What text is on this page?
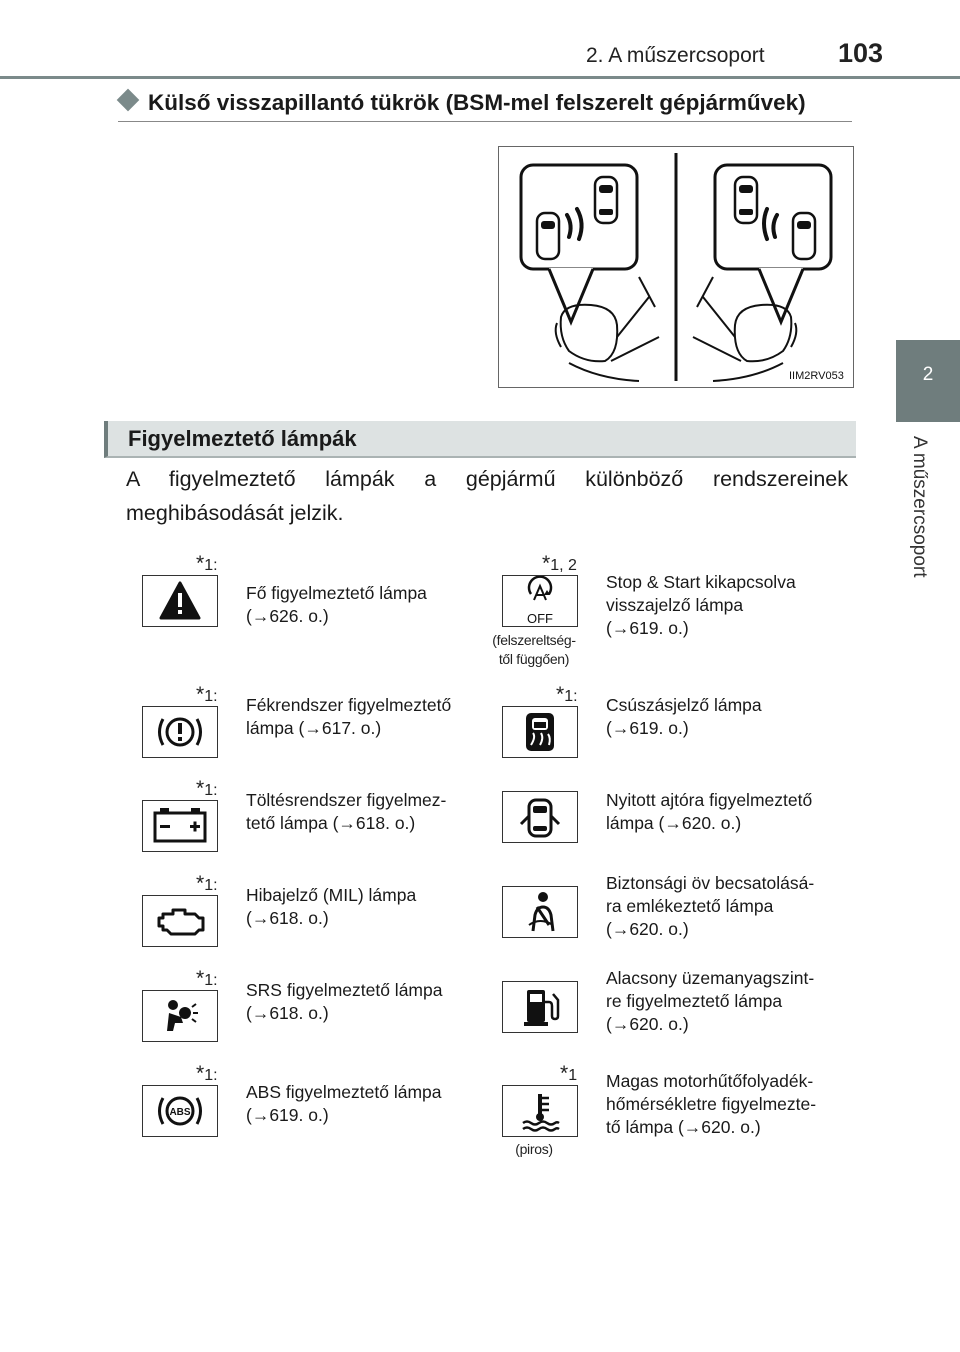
2. A műszercsoport	103
2
A műszercsoport
Külső visszapillantó tükrök (BSM-mel felszerelt gépjárművek)
IIM2RV053
Figyelmeztető lámpák
A figyelmeztető lámpák a gépjármű különböző rendszereinek meghibásodását jelzik.
*1:
Fő figyelmeztető lámpa
(→626. o.)
*1, 2
OFF
(felszereltség-
től függően)
Stop & Start kikapcsolva
visszajelző lámpa
(→619. o.)
*1: Fékrendszer figyelmeztető
lámpa (→617. o.)
*1: Csúszásjelző lámpa
(→619. o.)
*1: Töltésrendszer figyelmez-
tető lámpa (→618. o.)
Nyitott ajtóra figyelmeztető
lámpa (→620. o.)
*1: Hibajelző (MIL) lámpa
(→618. o.)
Biztonsági öv becsatolásá-
ra emlékeztető lámpa
(→620. o.)
*1: SRS figyelmeztető lámpa
(→618. o.)
Alacsony üzemanyagszint-
re figyelmeztető lámpa
(→620. o.)
*1:
ABS
ABS figyelmeztető lámpa
(→619. o.)
*1
(piros)
Magas motorhűtőfolyadék-
hőmérsékletre figyelmezte-
tő lámpa (→620. o.)
